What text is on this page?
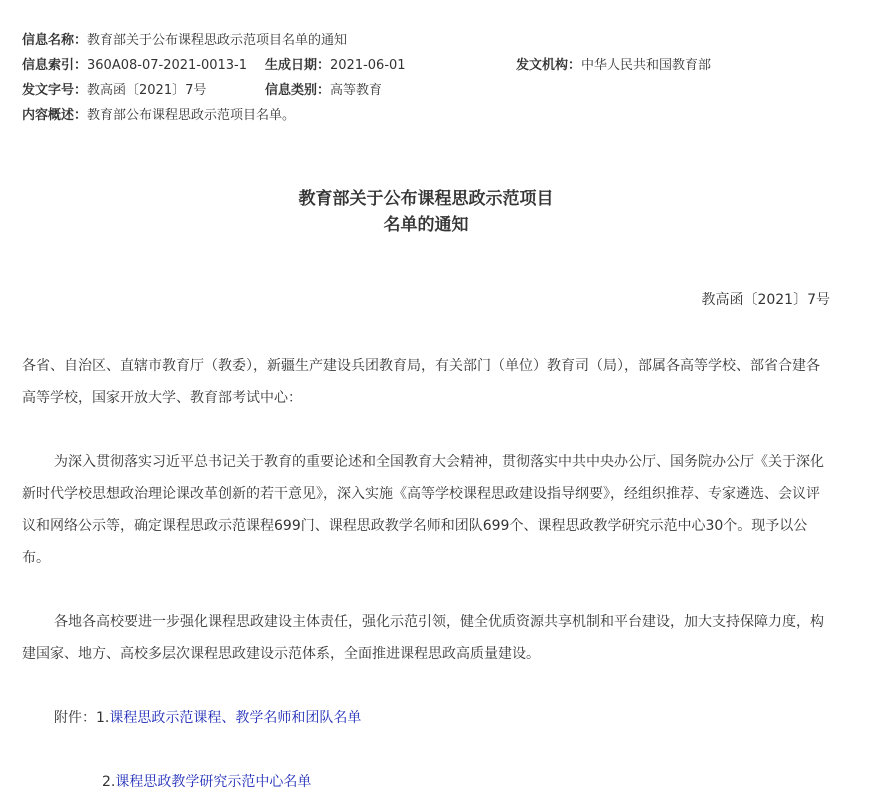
信息名称：教育部关于公布课程思政示范项目名单的通知
信息索引：360A08-07-2021-0013-1 生成日期：2021-06-01	发文机构：中华人民共和国教育部
发文字号：教高函〔2021〕7号	信息类别：高等教育
内容概述：教育部公布课程思政示范项目名单。
教育部关于公布课程思政示范项目
名单的通知
教高函〔2021〕7号
各省、自治区、直辖市教育厅（教委），新疆生产建设兵团教育局，有关部门（单位）教育司（局），部属各高等学校、部省合建各高等学校，国家开放大学、教育部考试中心：
为深入贯彻落实习近平总书记关于教育的重要论述和全国教育大会精神，贯彻落实中共中央办公厅、国务院办公厅《关于深化新时代学校思想政治理论课改革创新的若干意见》，深入实施《高等学校课程思政建设指导纲要》，经组织推荐、专家遴选、会议评议和网络公示等，确定课程思政示范课程699门、课程思政教学名师和团队699个、课程思政教学研究示范中心30个。现予以公布。
各地各高校要进一步强化课程思政建设主体责任，强化示范引领，健全优质资源共享机制和平台建设，加大支持保障力度，构建国家、地方、高校多层次课程思政建设示范体系，全面推进课程思政高质量建设。
附件：1.课程思政示范课程、教学名师和团队名单
2.课程思政教学研究示范中心名单
